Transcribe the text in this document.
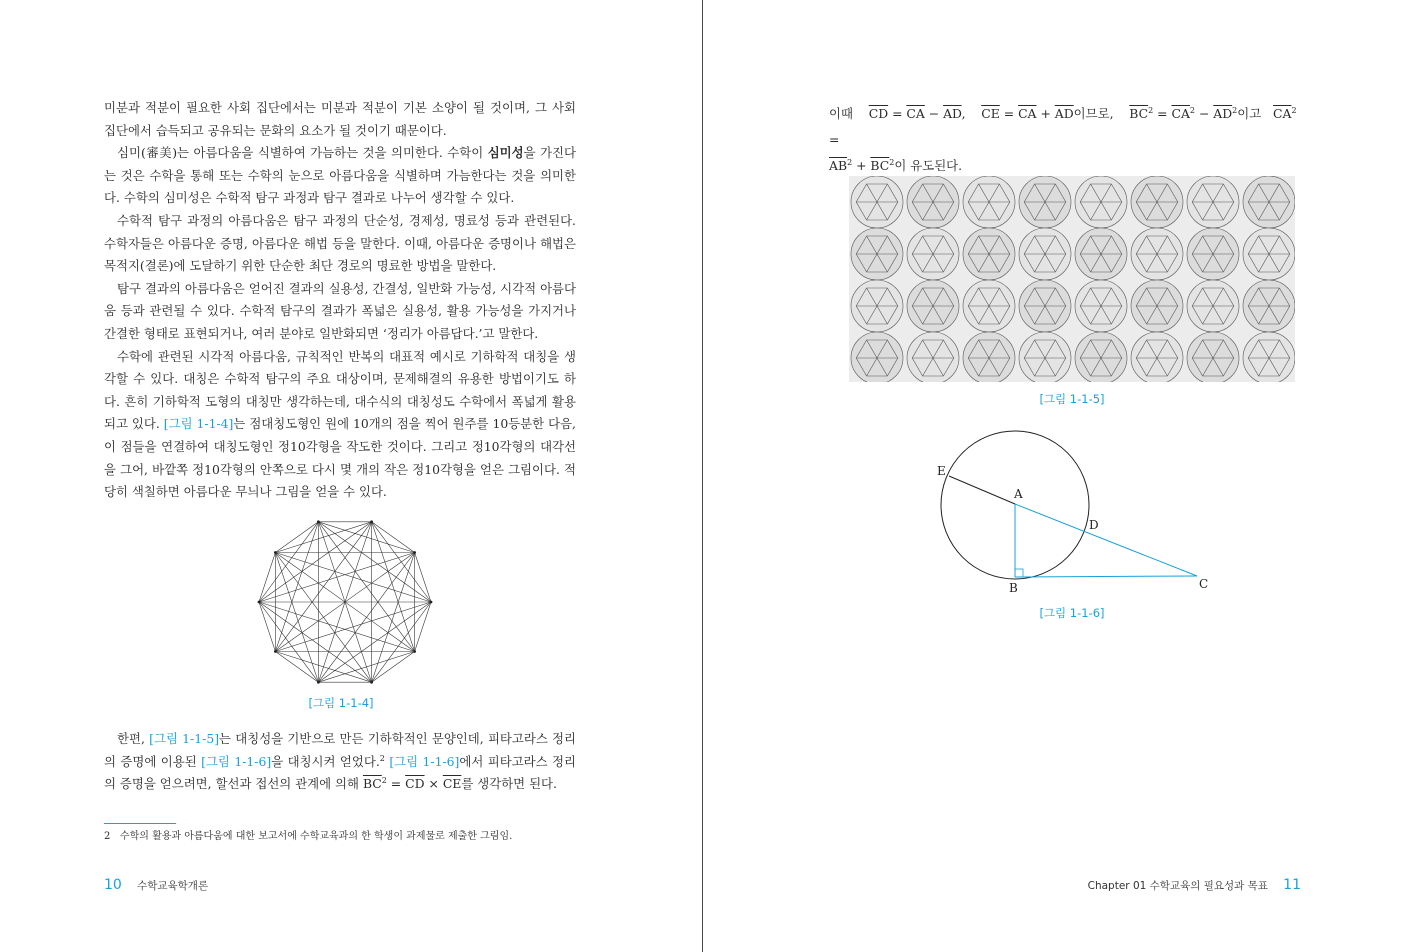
미분과 적분이 필요한 사회 집단에서는 미분과 적분이 기본 소양이 될 것이며, 그 사회 집단에서 습득되고 공유되는 문화의 요소가 될 것이기 때문이다.

심미(審美)는 아름다움을 식별하여 가늠하는 것을 의미한다. 수학이 심미성을 가진다는 것은 수학을 통해 또는 수학의 눈으로 아름다움을 식별하며 가늠한다는 것을 의미한다. 수학의 심미성은 수학적 탐구 과정과 탐구 결과로 나누어 생각할 수 있다.

수학적 탐구 과정의 아름다움은 탐구 과정의 단순성, 경제성, 명료성 등과 관련된다. 수학자들은 아름다운 증명, 아름다운 해법 등을 말한다. 이때, 아름다운 증명이나 해법은 목적지(결론)에 도달하기 위한 단순한 최단 경로의 명료한 방법을 말한다.

탐구 결과의 아름다움은 얻어진 결과의 실용성, 간결성, 일반화 가능성, 시각적 아름다움 등과 관련될 수 있다. 수학적 탐구의 결과가 폭넓은 실용성, 활용 가능성을 가지거나 간결한 형태로 표현되거나, 여러 분야로 일반화되면 ‘정리가 아름답다.’고 말한다.

수학에 관련된 시각적 아름다움, 규칙적인 반복의 대표적 예시로 기하학적 대칭을 생각할 수 있다. 대칭은 수학적 탐구의 주요 대상이며, 문제해결의 유용한 방법이기도 하다. 흔히 기하학적 도형의 대칭만 생각하는데, 대수식의 대칭성도 수학에서 폭넓게 활용되고 있다. [그림 1-1-4]는 점대칭도형인 원에 10개의 점을 찍어 원주를 10등분한 다음, 이 점들을 연결하여 대칭도형인 정10각형을 작도한 것이다. 그리고 정10각형의 대각선을 그어, 바깥쪽 정10각형의 안쪽으로 다시 몇 개의 작은 정10각형을 얻은 그림이다. 적당히 색칠하면 아름다운 무늬나 그림을 얻을 수 있다.

[그림 1-1-4]

한편, [그림 1-1-5]는 대칭성을 기반으로 만든 기하학적인 문양인데, 피타고라스 정리의 증명에 이용된 [그림 1-1-6]을 대칭시켜 얻었다.$^2$ [그림 1-1-6]에서 피타고라스 정리의 증명을 얻으려면, 할선과 접선의 관계에 의해 $\overline{BC}^2 = \overline{CD} \times \overline{CE}$를 생각하면 된다.

2 수학의 활용과 아름다움에 대한 보고서에 수학교육과의 한 학생이 과제물로 제출한 그림임.
10 수학교육학개론
이때 $\overline{CD} = \overline{CA} - \overline{AD}$,    $\overline{CE} = \overline{CA} + \overline{AD}$이므로, $\overline{BC}^2 = \overline{CA}^2 - \overline{AD}^2$이고 $\overline{CA}^2$ =
$\overline{AB}^2 + \overline{BC}^2$이 유도된다.
[그림 1-1-5]
E
A
D
B	C
[그림 1-1-6]
Chapter 01 수학교육의 필요성과 목표 11
